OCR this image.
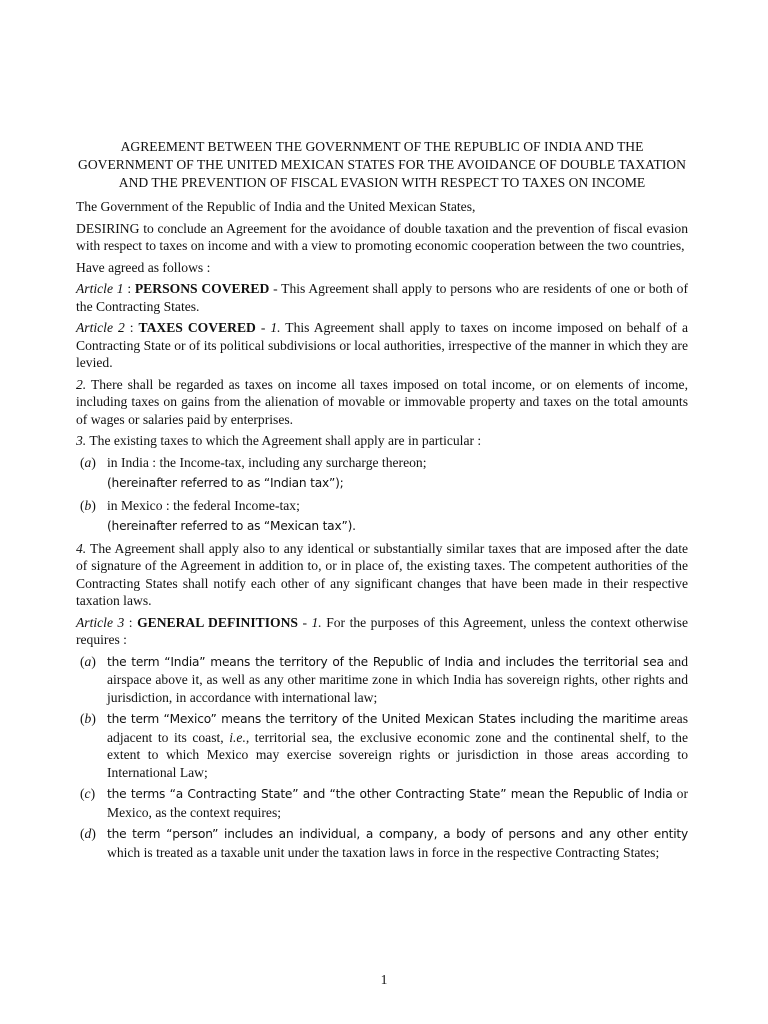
AGREEMENT BETWEEN THE GOVERNMENT OF THE REPUBLIC OF INDIA AND THE GOVERNMENT OF THE UNITED MEXICAN STATES FOR THE AVOIDANCE OF DOUBLE TAXATION AND THE PREVENTION OF FISCAL EVASION WITH RESPECT TO TAXES ON INCOME

The Government of the Republic of India and the United Mexican States,

DESIRING to conclude an Agreement for the avoidance of double taxation and the prevention of fiscal evasion with respect to taxes on income and with a view to promoting economic cooperation between the two countries,

Have agreed as follows :

Article 1 : PERSONS COVERED - This Agreement shall apply to persons who are residents of one or both of the Contracting States.

Article 2 : TAXES COVERED - 1. This Agreement shall apply to taxes on income imposed on behalf of a Contracting State or of its political subdivisions or local authorities, irrespective of the manner in which they are levied.

2. There shall be regarded as taxes on income all taxes imposed on total income, or on elements of income, including taxes on gains from the alienation of movable or immovable property and taxes on the total amounts of wages or salaries paid by enterprises.

3. The existing taxes to which the Agreement shall apply are in particular :

(a) in India : the Income-tax, including any surcharge thereon;

(hereinafter referred to as “Indian tax”);

(b) in Mexico : the federal Income-tax;

(hereinafter referred to as “Mexican tax”).

4. The Agreement shall apply also to any identical or substantially similar taxes that are imposed after the date of signature of the Agreement in addition to, or in place of, the existing taxes. The competent authorities of the Contracting States shall notify each other of any significant changes that have been made in their respective taxation laws.

Article 3 : GENERAL DEFINITIONS - 1. For the purposes of this Agreement, unless the context otherwise requires :

(a) the term “India” means the territory of the Republic of India and includes the territorial sea and airspace above it, as well as any other maritime zone in which India has sovereign rights, other rights and jurisdiction, in accordance with international law;
(b) the term “Mexico” means the territory of the United Mexican States including the maritime areas adjacent to its coast, i.e., territorial sea, the exclusive economic zone and the continental shelf, to the extent to which Mexico may exercise sovereign rights or jurisdiction in those areas according to International Law;
(c) the terms “a Contracting State” and “the other Contracting State” mean the Republic of India or Mexico, as the context requires;
(d) the term “person” includes an individual, a company, a body of persons and any other entity which is treated as a taxable unit under the taxation laws in force in the respective Contracting States;
1
